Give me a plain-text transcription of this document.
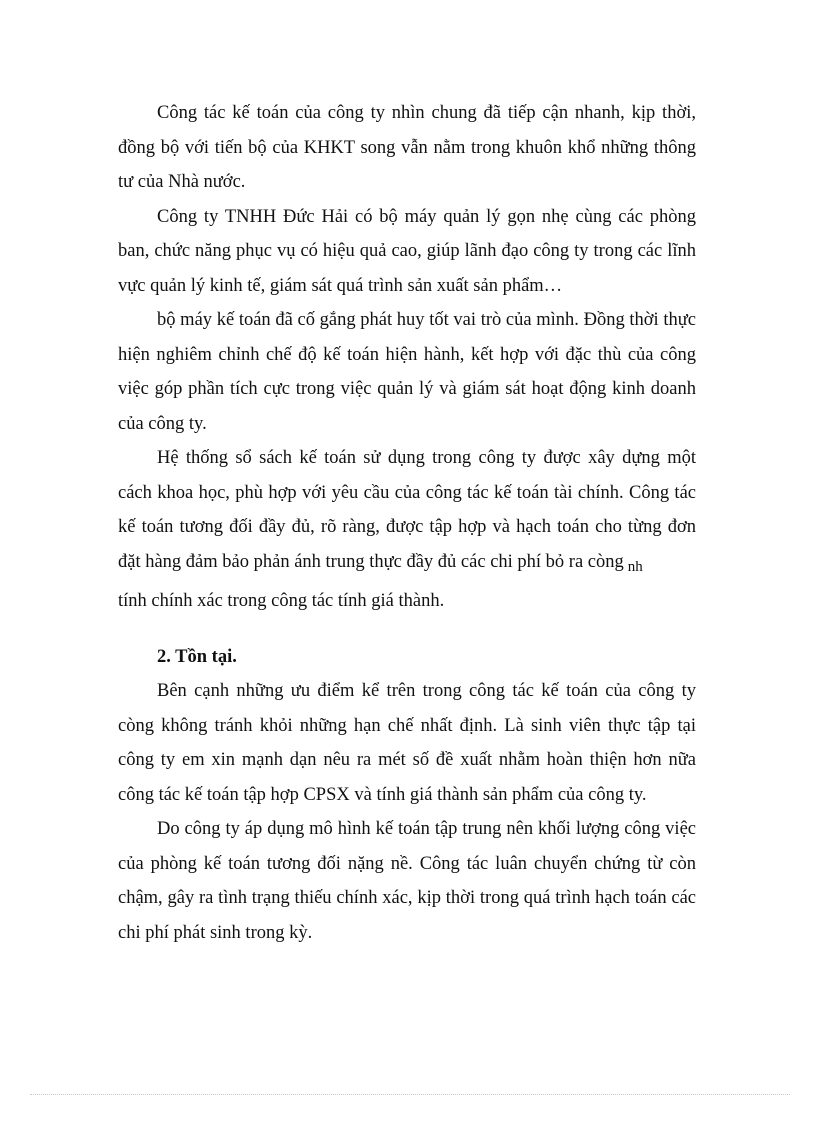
Công tác kế toán của công ty nhìn chung đã tiếp cận nhanh, kịp thời, đồng bộ với tiến bộ của KHKT song vẫn nằm trong khuôn khổ những thông tư của Nhà nước.

Công ty TNHH Đức Hải có bộ máy quản lý gọn nhẹ cùng các phòng ban, chức năng phục vụ có hiệu quả cao, giúp lãnh đạo công ty trong các lĩnh vực quản lý kinh tế, giám sát quá trình sản xuất sản phẩm…

bộ máy kế toán đã cố gắng phát huy tốt vai trò của mình. Đồng thời thực hiện nghiêm chỉnh chế độ kế toán hiện hành, kết hợp với đặc thù của công việc góp phần tích cực trong việc quản lý và giám sát hoạt động kinh doanh của công ty.

Hệ thống sổ sách kế toán sử dụng trong công ty được xây dựng một cách khoa học, phù hợp với yêu cầu của công tác kế toán tài chính. Công tác kế toán tương đối đầy đủ, rõ ràng, được tập hợp và hạch toán cho từng đơn đặt hàng đảm bảo phản ánh trung thực đầy đủ các chi phí bỏ ra còng $_{nh}$

tính chính xác trong công tác tính giá thành.

2. Tồn tại.

Bên cạnh những ưu điểm kể trên trong công tác kế toán của công ty còng không tránh khỏi những hạn chế nhất định. Là sinh viên thực tập tại công ty em xin mạnh dạn nêu ra mét số đề xuất nhằm hoàn thiện hơn nữa công tác kế toán tập hợp CPSX và tính giá thành sản phẩm của công ty.

Do công ty áp dụng mô hình kế toán tập trung nên khối lượng công việc của phòng kế toán tương đối nặng nề. Công tác luân chuyển chứng từ còn chậm, gây ra tình trạng thiếu chính xác, kịp thời trong quá trình hạch toán các chi phí phát sinh trong kỳ.
